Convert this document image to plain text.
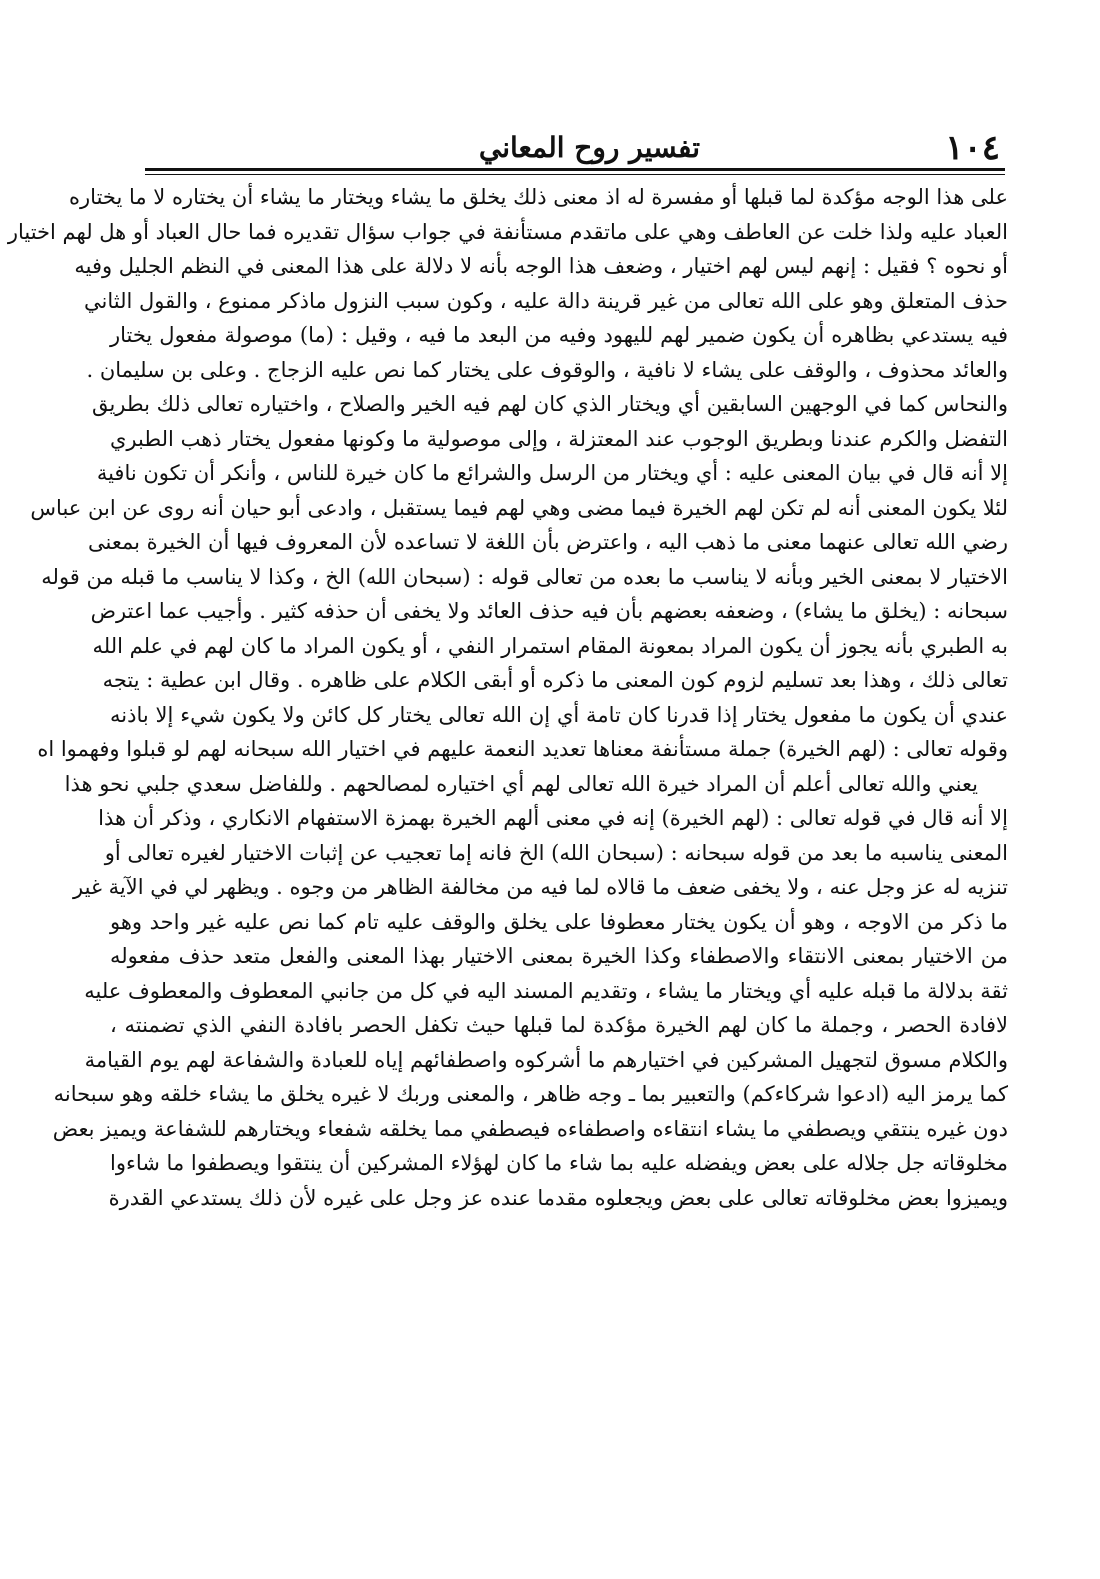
١٠٤
تفسير روح المعاني
على هذا الوجه مؤكدة لما قبلها أو مفسرة له اذ معنى ذلك يخلق ما يشاء ويختار ما يشاء أن يختاره لا ما يختاره
العباد عليه ولذا خلت عن العاطف وهي على ماتقدم مستأنفة في جواب سؤال تقديره فما حال العباد أو هل لهم اختيار
أو نحوه ؟ فقيل : إنهم ليس لهم اختيار ، وضعف هذا الوجه بأنه لا دلالة على هذا المعنى في النظم الجليل وفيه
حذف المتعلق وهو على الله تعالى من غير قرينة دالة عليه ، وكون سبب النزول ماذكر ممنوع ، والقول الثاني
فيه يستدعي بظاهره أن يكون ضمير لهم لليهود وفيه من البعد ما فيه ، وقيل : (ما) موصولة مفعول يختار
والعائد محذوف ، والوقف على يشاء لا نافية ، والوقوف على يختار كما نص عليه الزجاج . وعلى بن سليمان .
والنحاس كما في الوجهين السابقين أي ويختار الذي كان لهم فيه الخير والصلاح ، واختياره تعالى ذلك بطريق
التفضل والكرم عندنا وبطريق الوجوب عند المعتزلة ، وإلى موصولية ما وكونها مفعول يختار ذهب الطبري
إلا أنه قال في بيان المعنى عليه : أي ويختار من الرسل والشرائع ما كان خيرة للناس ، وأنكر أن تكون نافية
لئلا يكون المعنى أنه لم تكن لهم الخيرة فيما مضى وهي لهم فيما يستقبل ، وادعى أبو حيان أنه روى عن ابن عباس
رضي الله تعالى عنهما معنى ما ذهب اليه ، واعترض بأن اللغة لا تساعده لأن المعروف فيها أن الخيرة بمعنى
الاختيار لا بمعنى الخير وبأنه لا يناسب ما بعده من تعالى قوله : (سبحان الله) الخ ، وكذا لا يناسب ما قبله من قوله
سبحانه : (يخلق ما يشاء) ، وضعفه بعضهم بأن فيه حذف العائد ولا يخفى أن حذفه كثير . وأجيب عما اعترض
به الطبري بأنه يجوز أن يكون المراد بمعونة المقام استمرار النفي ، أو يكون المراد ما كان لهم في علم الله
تعالى ذلك ، وهذا بعد تسليم لزوم كون المعنى ما ذكره أو أبقى الكلام على ظاهره . وقال ابن عطية : يتجه
عندي أن يكون ما مفعول يختار إذا قدرنا كان تامة أي إن الله تعالى يختار كل كائن ولا يكون شيء إلا باذنه
وقوله تعالى : (لهم الخيرة) جملة مستأنفة معناها تعديد النعمة عليهم في اختيار الله سبحانه لهم لو قبلوا وفهموا اه
يعني والله تعالى أعلم أن المراد خيرة الله تعالى لهم أي اختياره لمصالحهم . وللفاضل سعدي جلبي نحو هذا
إلا أنه قال في قوله تعالى : (لهم الخيرة) إنه في معنى ألهم الخيرة بهمزة الاستفهام الانكاري ، وذكر أن هذا
المعنى يناسبه ما بعد من قوله سبحانه : (سبحان الله) الخ فانه إما تعجيب عن إثبات الاختيار لغيره تعالى أو
تنزيه له عز وجل عنه ، ولا يخفى ضعف ما قالاه لما فيه من مخالفة الظاهر من وجوه . ويظهر لي في الآية غير
ما ذكر من الاوجه ، وهو أن يكون يختار معطوفا على يخلق والوقف عليه تام كما نص عليه غير واحد وهو
من الاختيار بمعنى الانتقاء والاصطفاء وكذا الخيرة بمعنى الاختيار بهذا المعنى والفعل متعد حذف مفعوله
ثقة بدلالة ما قبله عليه أي ويختار ما يشاء ، وتقديم المسند اليه في كل من جانبي المعطوف والمعطوف عليه
لافادة الحصر ، وجملة ما كان لهم الخيرة مؤكدة لما قبلها حيث تكفل الحصر بافادة النفي الذي تضمنته ،
والكلام مسوق لتجهيل المشركين في اختيارهم ما أشركوه واصطفائهم إياه للعبادة والشفاعة لهم يوم القيامة
كما يرمز اليه (ادعوا شركاءكم) والتعبير بما ـ وجه ظاهر ، والمعنى وربك لا غيره يخلق ما يشاء خلقه وهو سبحانه
دون غيره ينتقي ويصطفي ما يشاء انتقاءه واصطفاءه فيصطفي مما يخلقه شفعاء ويختارهم للشفاعة ويميز بعض
مخلوقاته جل جلاله على بعض ويفضله عليه بما شاء ما كان لهؤلاء المشركين أن ينتقوا ويصطفوا ما شاءوا
ويميزوا بعض مخلوقاته تعالى على بعض ويجعلوه مقدما عنده عز وجل على غيره لأن ذلك يستدعي القدرة
